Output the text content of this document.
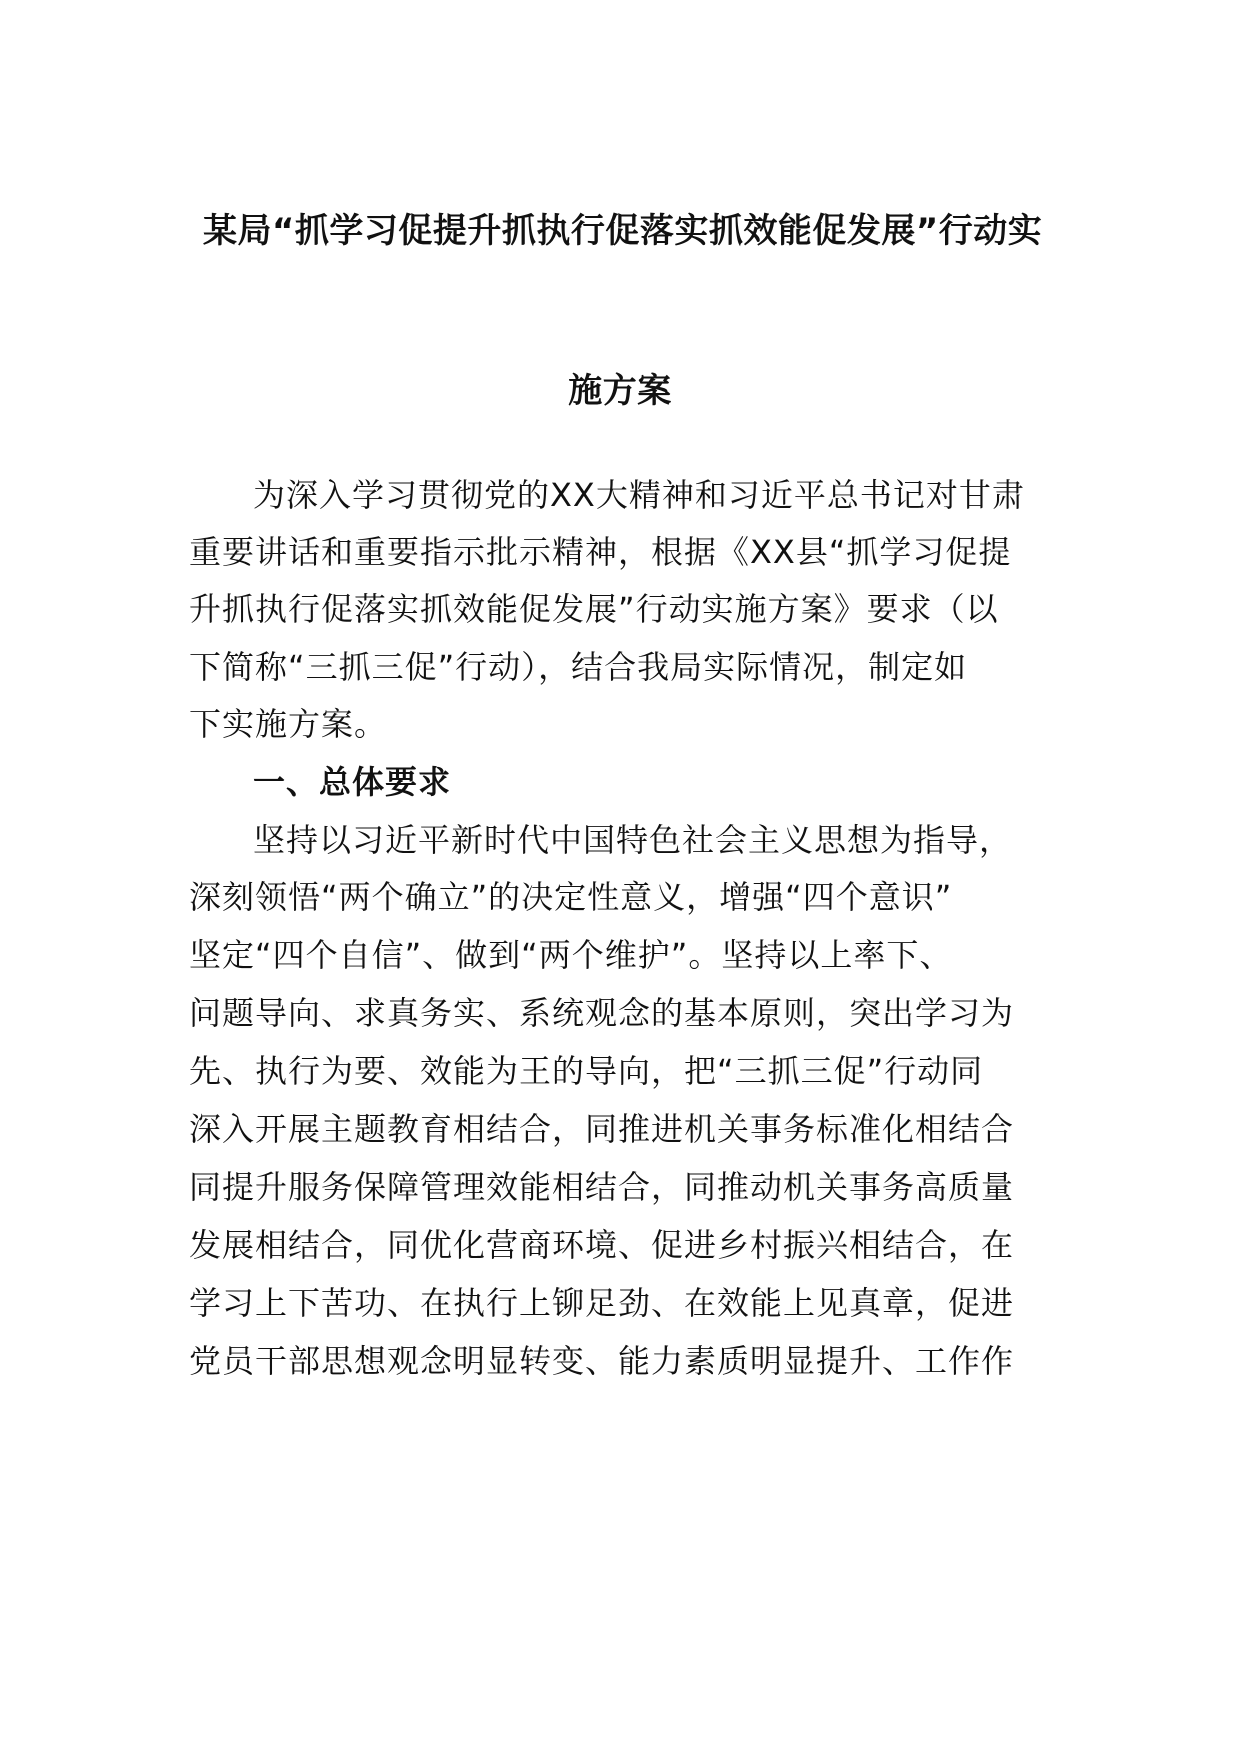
某局“抓学习促提升抓执行促落实抓效能促发展”行动实
施方案
为深入学习贯彻党的XX大精神和习近平总书记对甘肃
重要讲话和重要指示批示精神，根据《XX县“抓学习促提
升抓执行促落实抓效能促发展”行动实施方案》要求（以
下简称“三抓三促”行动），结合我局实际情况，制定如
下实施方案。
一、总体要求
坚持以习近平新时代中国特色社会主义思想为指导，
深刻领悟“两个确立”的决定性意义，增强“四个意识”
坚定“四个自信”、做到“两个维护”。坚持以上率下、
问题导向、求真务实、系统观念的基本原则，突出学习为
先、执行为要、效能为王的导向，把“三抓三促”行动同
深入开展主题教育相结合，同推进机关事务标准化相结合
同提升服务保障管理效能相结合，同推动机关事务高质量
发展相结合，同优化营商环境、促进乡村振兴相结合，在
学习上下苦功、在执行上铆足劲、在效能上见真章，促进
党员干部思想观念明显转变、能力素质明显提升、工作作
